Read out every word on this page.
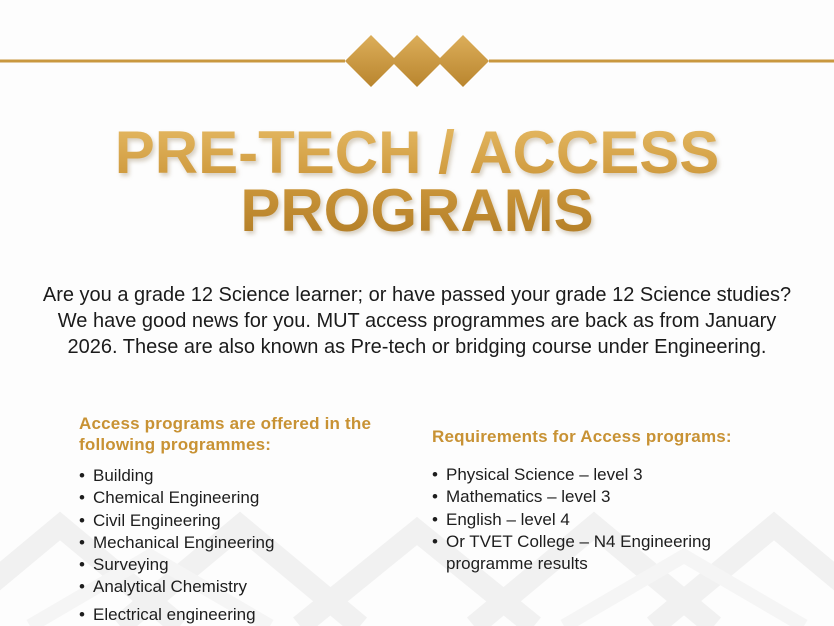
PRE-TECH / ACCESS
PROGRAMS
Are you a grade 12 Science learner; or have passed your grade 12 Science studies? We have good news for you. MUT access programmes are back as from January 2026. These are also known as Pre-tech or bridging course under Engineering.
Access programs are offered in the following programmes:
• Building
• Chemical Engineering
• Civil Engineering
• Mechanical Engineering
• Surveying
• Analytical Chemistry
• Electrical engineering
Requirements for Access programs:
• Physical Science – level 3
• Mathematics – level 3
• English – level 4
• Or TVET College – N4 Engineering programme results
